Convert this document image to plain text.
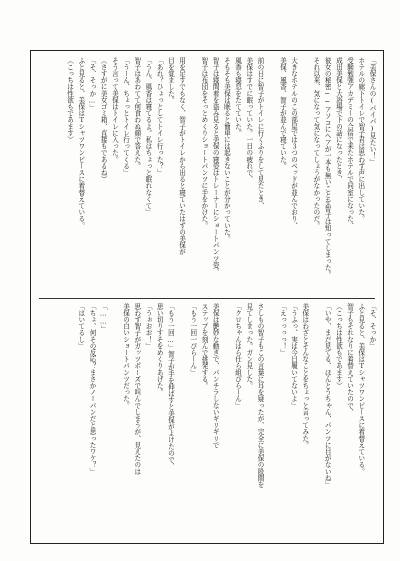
「美保さんの(パイパ)見たい！」

ホテルの廊下トイレで智子君は思わず声に出していた。

受験勉強アカデミーの合宿で来たホテルで同室になった、

成田美保と大浴場で下の話になったとき、

彼女の秘密──アソコにヘアが一本も無いことを智子は知ってしまった。

それ以来、気になって気になってしょうがなかったのだ。

大きなホテルのこの部屋では３つのベッドが並んでおり、

美保、風香、智子が並んで寝ていた。

前の日に智子がトイレに行くふりをして見たとき、

美保はすでに眠っていた。一日の疲れで、

風香も寝息をたてていた。

そもそも美保は眠ると簡単には起きないことが分かっていた。

智子は寝間着を盗み見ると美保の寝姿はトレーナーにショートパンツ姿。

智子は布団をそっとめくりショートパンツに手をかけた。

用を足すでもなく、智子がトイレから出ると寝ていたはずの美保が

目を覚ました。

「あれ？ひょっとしてトイレ行った？」

「うん、風香は寝てるよ。私はちょっと眠れなくて」

智子はあわてて何食わぬ顔で答えた。

「うーん、ちょっとトイレ行ってくる」

そう言って美保はトイレに入った。

（さすがに美女ゴミ箱、直接もであるね）

「そ、そっか…」

ふと見ると、美保はＴシャツワンピースに着替えている。

（こっちは性欲もであます）

「そ、そっか」

ふと見ると、美保はＴシャツワンピースに着替えている。

智子もそれなりに着替えていたので、

（こっちは性欲もであます）

「いや、まだ見てる、ほんとうちゃん、パンツに目がないね」

美保はわざとそんなことをちょっと言ってみた。

「うふっ、実は今日履いてないよ」

「えっっっっ！」

さしもの智子もこの言葉に耳を疑ったが、完全に美保の股間を

見てしまった。ガン見した。

「クロちゃんはら仕ら組ぴらーん」

美保は艶妙な動きで、パンチラしないギリギリで

ステップを刻んで挑発する。

「もう一回一ぴらーん」

「もう一回…」智子が手を伸ばすと美保がよけたので、

思い切りすそをめくりあげた。

「うぉおお！」

思わず智子がガッツポーズで叫んでしまうが、見えたのは

美保の白いショートパンツだった。

「……」

「ちょ、何その反応？まさかノーパンだと思ったワケ？」

「はいてるし」
